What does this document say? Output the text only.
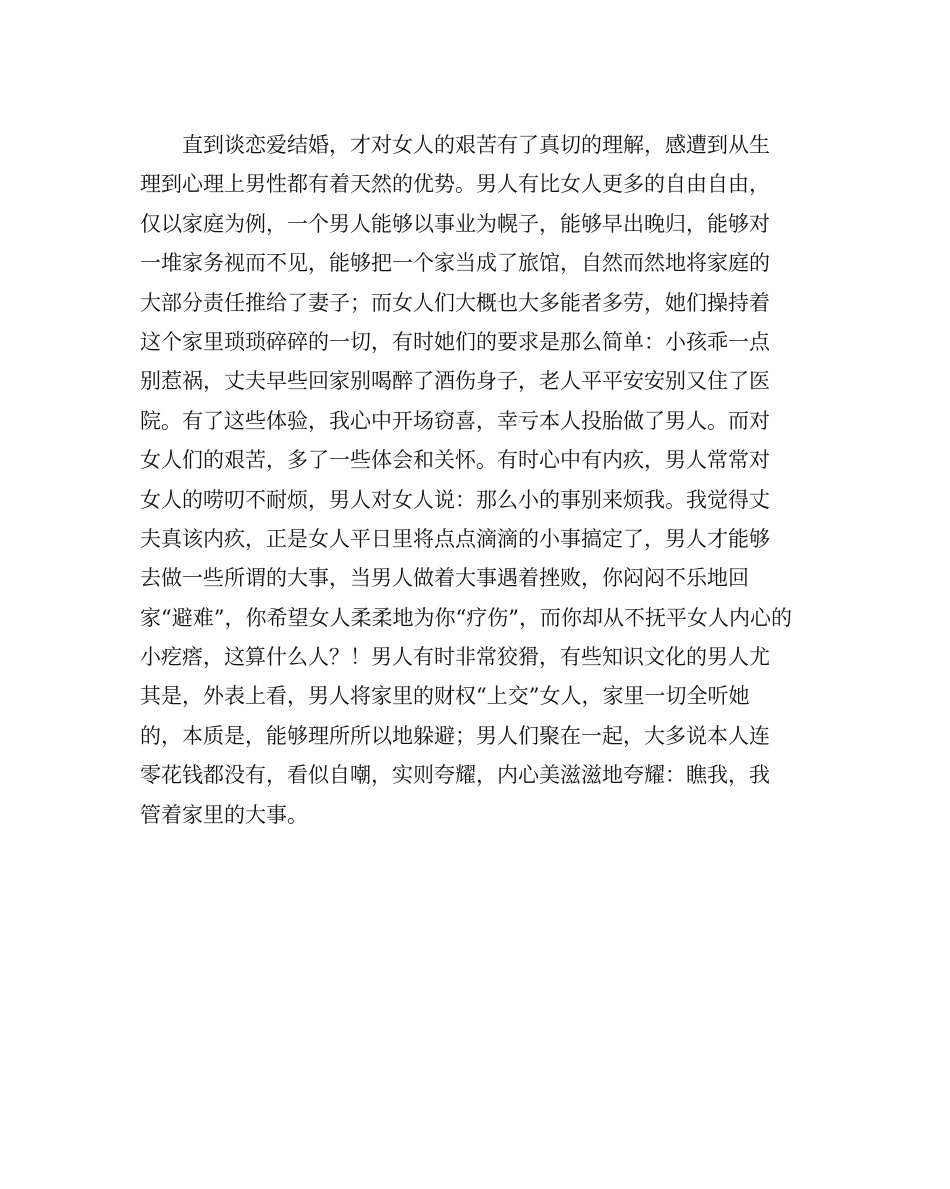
　　直到谈恋爱结婚，才对女人的艰苦有了真切的理解，感遭到从生
理到心理上男性都有着天然的优势。男人有比女人更多的自由自由，
仅以家庭为例，一个男人能够以事业为幌子，能够早出晚归，能够对
一堆家务视而不见，能够把一个家当成了旅馆，自然而然地将家庭的
大部分责任推给了妻子；而女人们大概也大多能者多劳，她们操持着
这个家里琐琐碎碎的一切，有时她们的要求是那么简单：小孩乖一点
别惹祸，丈夫早些回家别喝醉了酒伤身子，老人平平安安别又住了医
院。有了这些体验，我心中开场窃喜，幸亏本人投胎做了男人。而对
女人们的艰苦，多了一些体会和关怀。有时心中有内疚，男人常常对
女人的唠叨不耐烦，男人对女人说：那么小的事别来烦我。我觉得丈
夫真该内疚，正是女人平日里将点点滴滴的小事搞定了，男人才能够
去做一些所谓的大事，当男人做着大事遇着挫败，你闷闷不乐地回
家“避难”，你希望女人柔柔地为你“疗伤”，而你却从不抚平女人内心的
小疙瘩，这算什么人？！男人有时非常狡猾，有些知识文化的男人尤
其是，外表上看，男人将家里的财权“上交”女人，家里一切全听她
的，本质是，能够理所所以地躲避；男人们聚在一起，大多说本人连
零花钱都没有，看似自嘲，实则夸耀，内心美滋滋地夸耀：瞧我，我
管着家里的大事。
